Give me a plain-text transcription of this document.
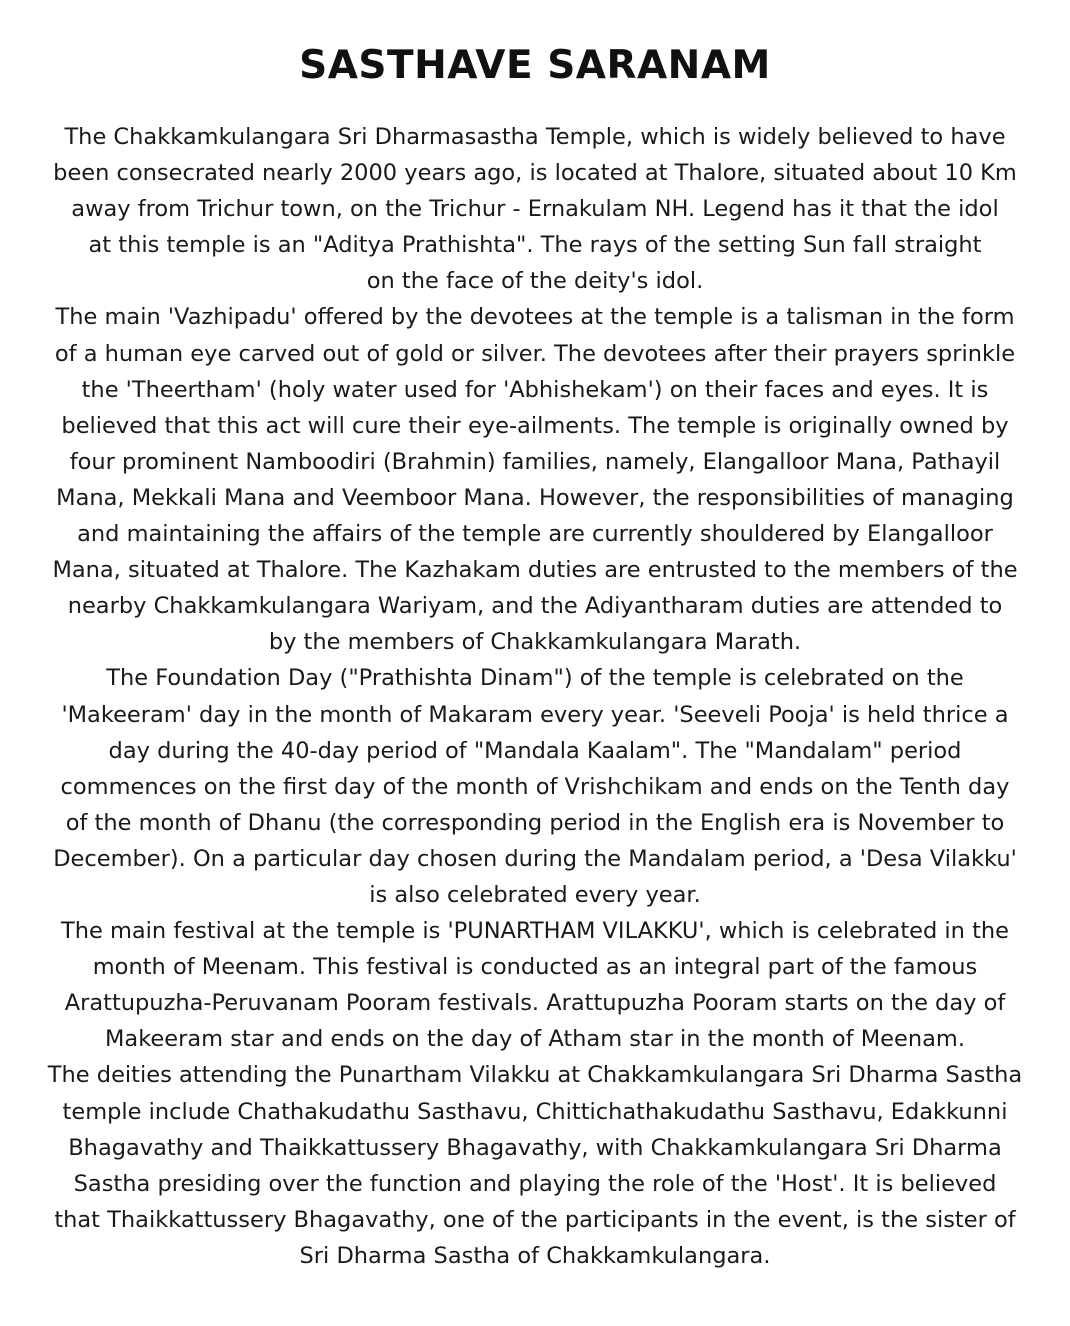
SASTHAVE SARANAM
The Chakkamkulangara Sri Dharmasastha Temple, which is widely believed to have
been consecrated nearly 2000 years ago, is located at Thalore, situated about 10 Km
away from Trichur town, on the Trichur - Ernakulam NH. Legend has it that the idol
at this temple is an "Aditya Prathishta". The rays of the setting Sun fall straight
on the face of the deity's idol.
The main 'Vazhipadu' offered by the devotees at the temple is a talisman in the form
of a human eye carved out of gold or silver. The devotees after their prayers sprinkle
the 'Theertham' (holy water used for 'Abhishekam') on their faces and eyes. It is
believed that this act will cure their eye-ailments. The temple is originally owned by
four prominent Namboodiri (Brahmin) families, namely, Elangalloor Mana, Pathayil
Mana, Mekkali Mana and Veemboor Mana. However, the responsibilities of managing
and maintaining the affairs of the temple are currently shouldered by Elangalloor
Mana, situated at Thalore. The Kazhakam duties are entrusted to the members of the
nearby Chakkamkulangara Wariyam, and the Adiyantharam duties are attended to
by the members of Chakkamkulangara Marath.
The Foundation Day ("Prathishta Dinam") of the temple is celebrated on the
'Makeeram' day in the month of Makaram every year. 'Seeveli Pooja' is held thrice a
day during the 40-day period of "Mandala Kaalam". The "Mandalam" period
commences on the first day of the month of Vrishchikam and ends on the Tenth day
of the month of Dhanu (the corresponding period in the English era is November to
December). On a particular day chosen during the Mandalam period, a 'Desa Vilakku'
is also celebrated every year.
The main festival at the temple is 'PUNARTHAM VILAKKU', which is celebrated in the
month of Meenam. This festival is conducted as an integral part of the famous
Arattupuzha-Peruvanam Pooram festivals. Arattupuzha Pooram starts on the day of
Makeeram star and ends on the day of Atham star in the month of Meenam.
The deities attending the Punartham Vilakku at Chakkamkulangara Sri Dharma Sastha
temple include Chathakudathu Sasthavu, Chittichathakudathu Sasthavu, Edakkunni
Bhagavathy and Thaikkattussery Bhagavathy, with Chakkamkulangara Sri Dharma
Sastha presiding over the function and playing the role of the 'Host'. It is believed
that Thaikkattussery Bhagavathy, one of the participants in the event, is the sister of
Sri Dharma Sastha of Chakkamkulangara.
